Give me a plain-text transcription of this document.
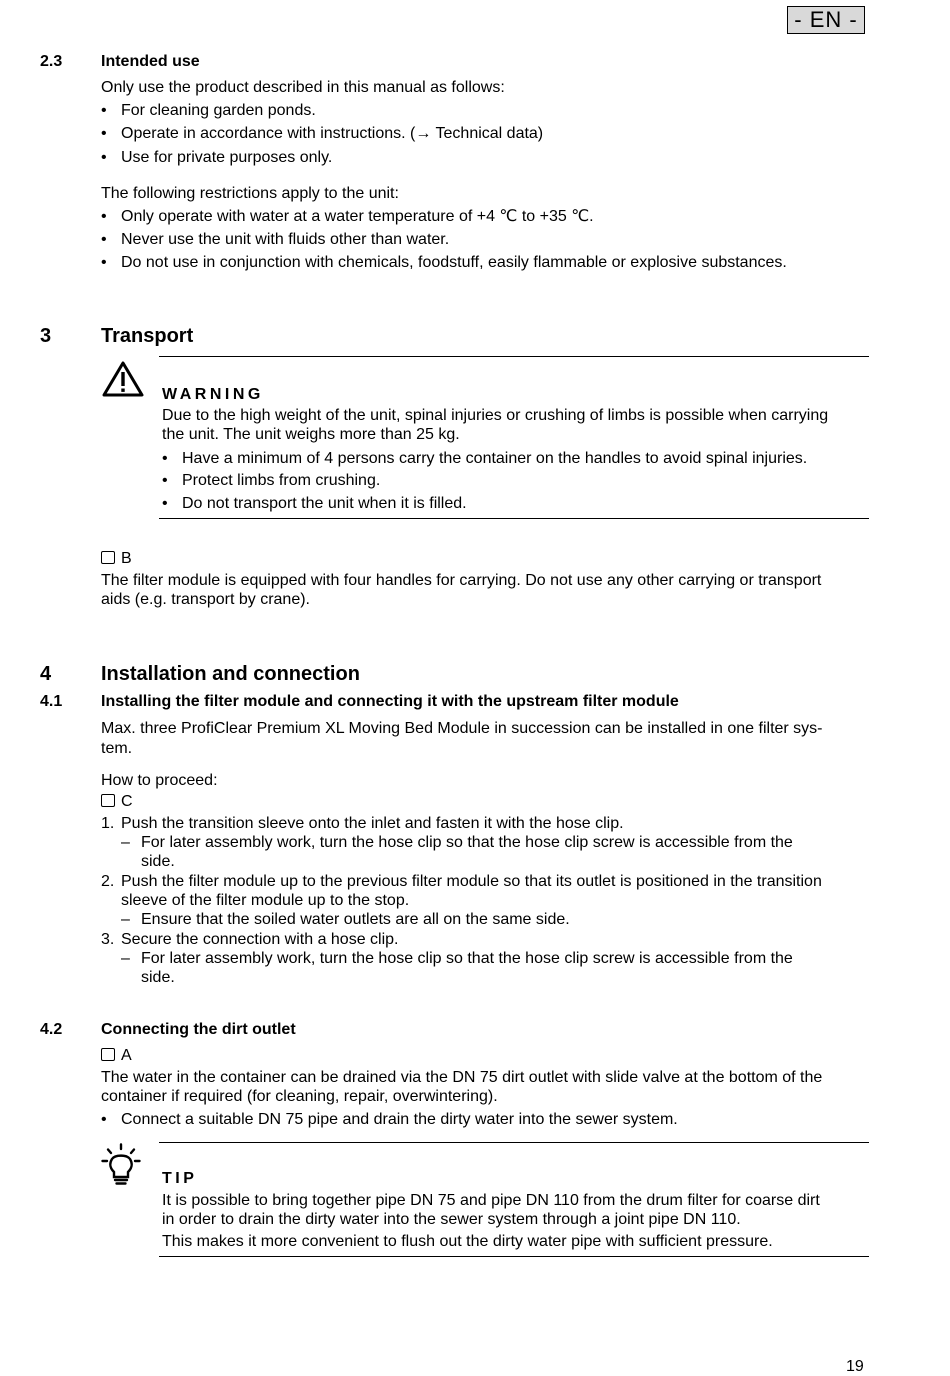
- EN -
2.3 Intended use
Only use the product described in this manual as follows:
• For cleaning garden ponds.
• Operate in accordance with instructions. (→ Technical data)
• Use for private purposes only.
The following restrictions apply to the unit:
• Only operate with water at a water temperature of +4 ℃ to +35 ℃.
• Never use the unit with fluids other than water.
• Do not use in conjunction with chemicals, foodstuff, easily flammable or explosive substances.
3 Transport
WARNING
Due to the high weight of the unit, spinal injuries or crushing of limbs is possible when carrying
the unit. The unit weighs more than 25 kg.
• Have a minimum of 4 persons carry the container on the handles to avoid spinal injuries.
• Protect limbs from crushing.
• Do not transport the unit when it is filled.
B
The filter module is equipped with four handles for carrying. Do not use any other carrying or transport
aids (e.g. transport by crane).
4 Installation and connection
4.1 Installing the filter module and connecting it with the upstream filter module
Max. three ProfiClear Premium XL Moving Bed Module in succession can be installed in one filter sys-
tem.
How to proceed:
C
1. Push the transition sleeve onto the inlet and fasten it with the hose clip.
– For later assembly work, turn the hose clip so that the hose clip screw is accessible from the
side.
2. Push the filter module up to the previous filter module so that its outlet is positioned in the transition
sleeve of the filter module up to the stop.
– Ensure that the soiled water outlets are all on the same side.
3. Secure the connection with a hose clip.
– For later assembly work, turn the hose clip so that the hose clip screw is accessible from the
side.
4.2 Connecting the dirt outlet
A
The water in the container can be drained via the DN 75 dirt outlet with slide valve at the bottom of the
container if required (for cleaning, repair, overwintering).
• Connect a suitable DN 75 pipe and drain the dirty water into the sewer system.
TIP
It is possible to bring together pipe DN 75 and pipe DN 110 from the drum filter for coarse dirt
in order to drain the dirty water into the sewer system through a joint pipe DN 110.
This makes it more convenient to flush out the dirty water pipe with sufficient pressure.
19
